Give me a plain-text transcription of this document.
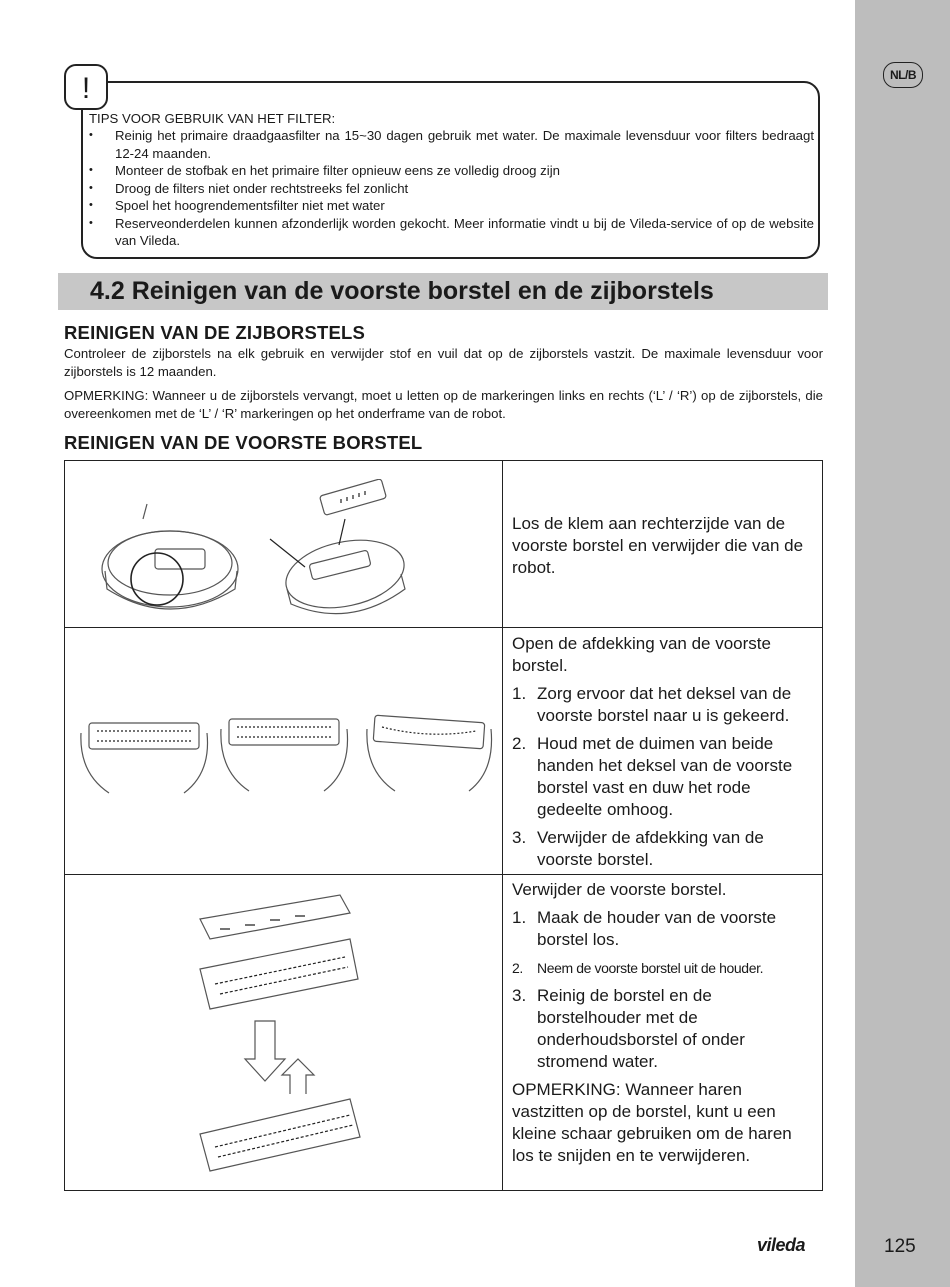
NL/B
125
!
TIPS VOOR GEBRUIK VAN HET FILTER:
• Reinig het primaire draadgaasfilter na 15~30 dagen gebruik met water. De maximale levensduur voor filters bedraagt 12-24 maanden.
• Monteer de stofbak en het primaire filter opnieuw eens ze volledig droog zijn
• Droog de filters niet onder rechtstreeks fel zonlicht
• Spoel het hoogrendementsfilter niet met water
• Reserveonderdelen kunnen afzonderlijk worden gekocht. Meer informatie vindt u bij de Vileda-service of op de website van Vileda.
4.2 Reinigen van de voorste borstel en de zijborstels
REINIGEN VAN DE ZIJBORSTELS
Controleer de zijborstels na elk gebruik en verwijder stof en vuil dat op de zijborstels vastzit. De maximale levensduur voor zijborstels is 12 maanden.
OPMERKING: Wanneer u de zijborstels vervangt, moet u letten op de markeringen links en rechts (‘L’ / ‘R’) op de zijborstels, die overeenkomen met de ‘L’ / ‘R’ markeringen op het onderframe van de robot.
REINIGEN VAN DE VOORSTE BORSTEL
Los de klem aan rechterzijde van de voorste borstel en verwijder die van de robot.
Open de afdekking van de voorste borstel.
1. Zorg ervoor dat het deksel van de voorste borstel naar u is gekeerd.
2. Houd met de duimen van beide handen het deksel van de voorste borstel vast en duw het rode gedeelte omhoog.
3. Verwijder de afdekking van de voorste borstel.
Verwijder de voorste borstel.
1. Maak de houder van de voorste borstel los.
2. Neem de voorste borstel uit de houder.
3. Reinig de borstel en de borstelhouder met de onderhoudsborstel of onder stromend water.
OPMERKING: Wanneer haren vastzitten op de borstel, kunt u een kleine schaar gebruiken om de haren los te snijden en te verwijderen.
vileda
